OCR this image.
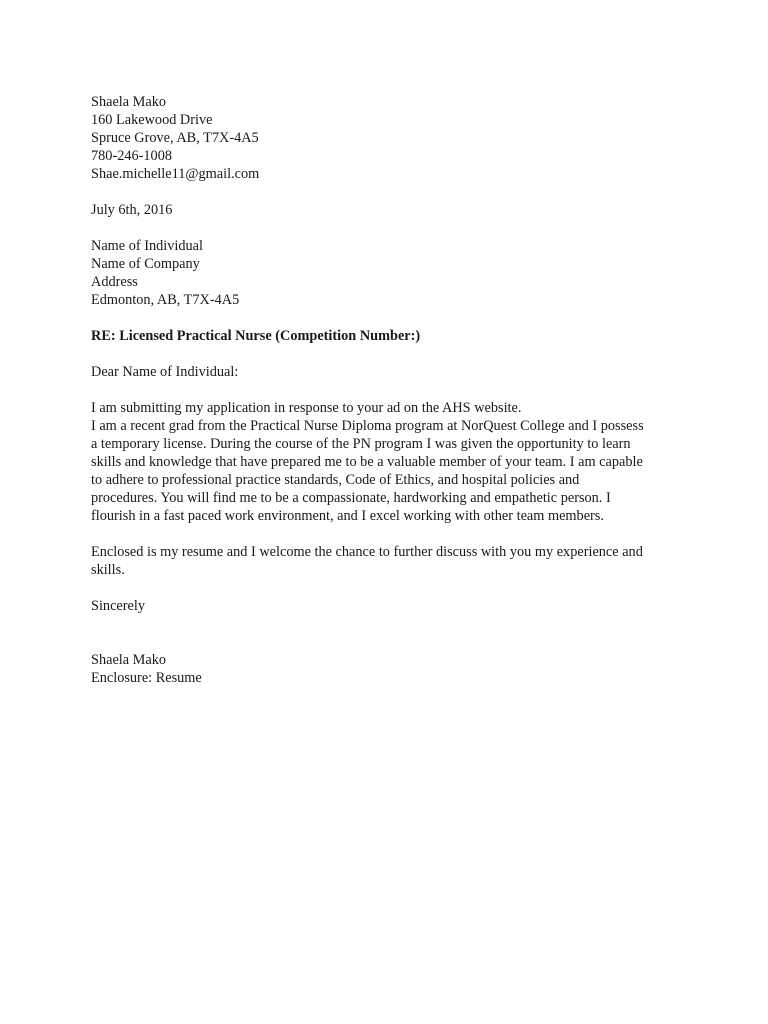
Shaela Mako
160 Lakewood Drive
Spruce Grove, AB, T7X-4A5
780-246-1008
Shae.michelle11@gmail.com
July 6th, 2016
Name of Individual
Name of Company
Address
Edmonton, AB, T7X-4A5
RE: Licensed Practical Nurse (Competition Number:)
Dear Name of Individual:
I am submitting my application in response to your ad on the AHS website.
I am a recent grad from the Practical Nurse Diploma program at NorQuest College and I possess
a temporary license. During the course of the PN program I was given the opportunity to learn
skills and knowledge that have prepared me to be a valuable member of your team. I am capable
to adhere to professional practice standards, Code of Ethics, and hospital policies and
procedures. You will find me to be a compassionate, hardworking and empathetic person. I
flourish in a fast paced work environment, and I excel working with other team members.
Enclosed is my resume and I welcome the chance to further discuss with you my experience and
skills.
Sincerely
Shaela Mako
Enclosure: Resume
